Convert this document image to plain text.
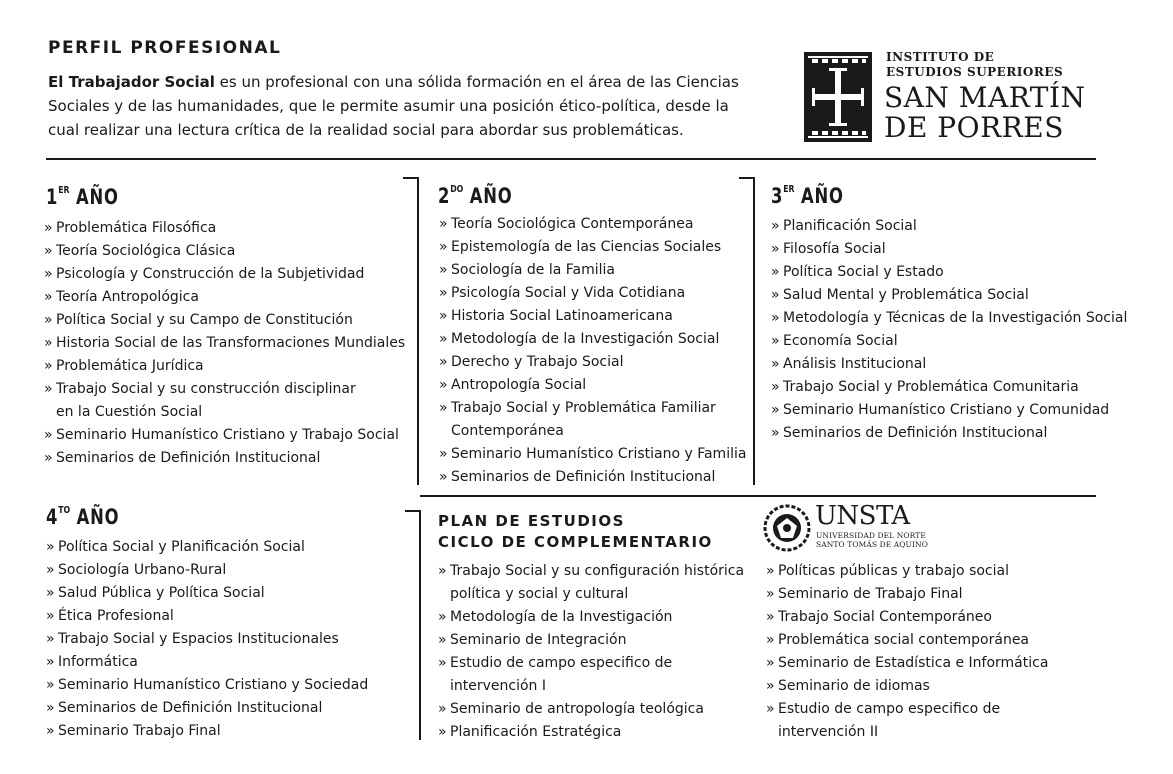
PERFIL PROFESIONAL
El Trabajador Social es un profesional con una sólida formación en el área de las Ciencias
Sociales y de las humanidades, que le permite asumir una posición ético-política, desde la
cual realizar una lectura crítica de la realidad social para abordar sus problemáticas.
INSTITUTO DE
ESTUDIOS SUPERIORES
SAN MARTÍN
DE PORRES
1ER AÑO
» Problemática Filosófica
» Teoría Sociológica Clásica
» Psicología y Construcción de la Subjetividad
» Teoría Antropológica
» Política Social y su Campo de Constitución
» Historia Social de las Transformaciones Mundiales
» Problemática Jurídica
» Trabajo Social y su construcción disciplinar
en la Cuestión Social
» Seminario Humanístico Cristiano y Trabajo Social
» Seminarios de Definición Institucional
$2^{DO}$ AÑO
» Teoría Sociológica Contemporánea
» Epistemología de las Ciencias Sociales
» Sociología de la Familia
» Psicología Social y Vida Cotidiana
» Historia Social Latinoamericana
» Metodología de la Investigación Social
» Derecho y Trabajo Social
» Antropología Social
» Trabajo Social y Problemática Familiar
Contemporánea
» Seminario Humanístico Cristiano y Familia
» Seminarios de Definición Institucional
3ER AÑO
» Planificación Social
» Filosofía Social
» Política Social y Estado
» Salud Mental y Problemática Social
» Metodología y Técnicas de la Investigación Social
» Economía Social
» Análisis Institucional
» Trabajo Social y Problemática Comunitaria
» Seminario Humanístico Cristiano y Comunidad
» Seminarios de Definición Institucional
$4^{TO}$ AÑO
» Política Social y Planificación Social
» Sociología Urbano-Rural
» Salud Pública y Política Social
» Ética Profesional
» Trabajo Social y Espacios Institucionales
» Informática
» Seminario Humanístico Cristiano y Sociedad
» Seminarios de Definición Institucional
» Seminario Trabajo Final
PLAN DE ESTUDIOS
CICLO DE COMPLEMENTARIO
» Trabajo Social y su configuración histórica
política y social y cultural
» Metodología de la Investigación
» Seminario de Integración
» Estudio de campo especifico de
intervención I
» Seminario de antropología teológica
» Planificación Estratégica
UNSTA
UNIVERSIDAD DEL NORTE
SANTO TOMÁS DE AQUINO
» Políticas públicas y trabajo social
» Seminario de Trabajo Final
» Trabajo Social Contemporáneo
» Problemática social contemporánea
» Seminario de Estadística e Informática
» Seminario de idiomas
» Estudio de campo especifico de
intervención II
